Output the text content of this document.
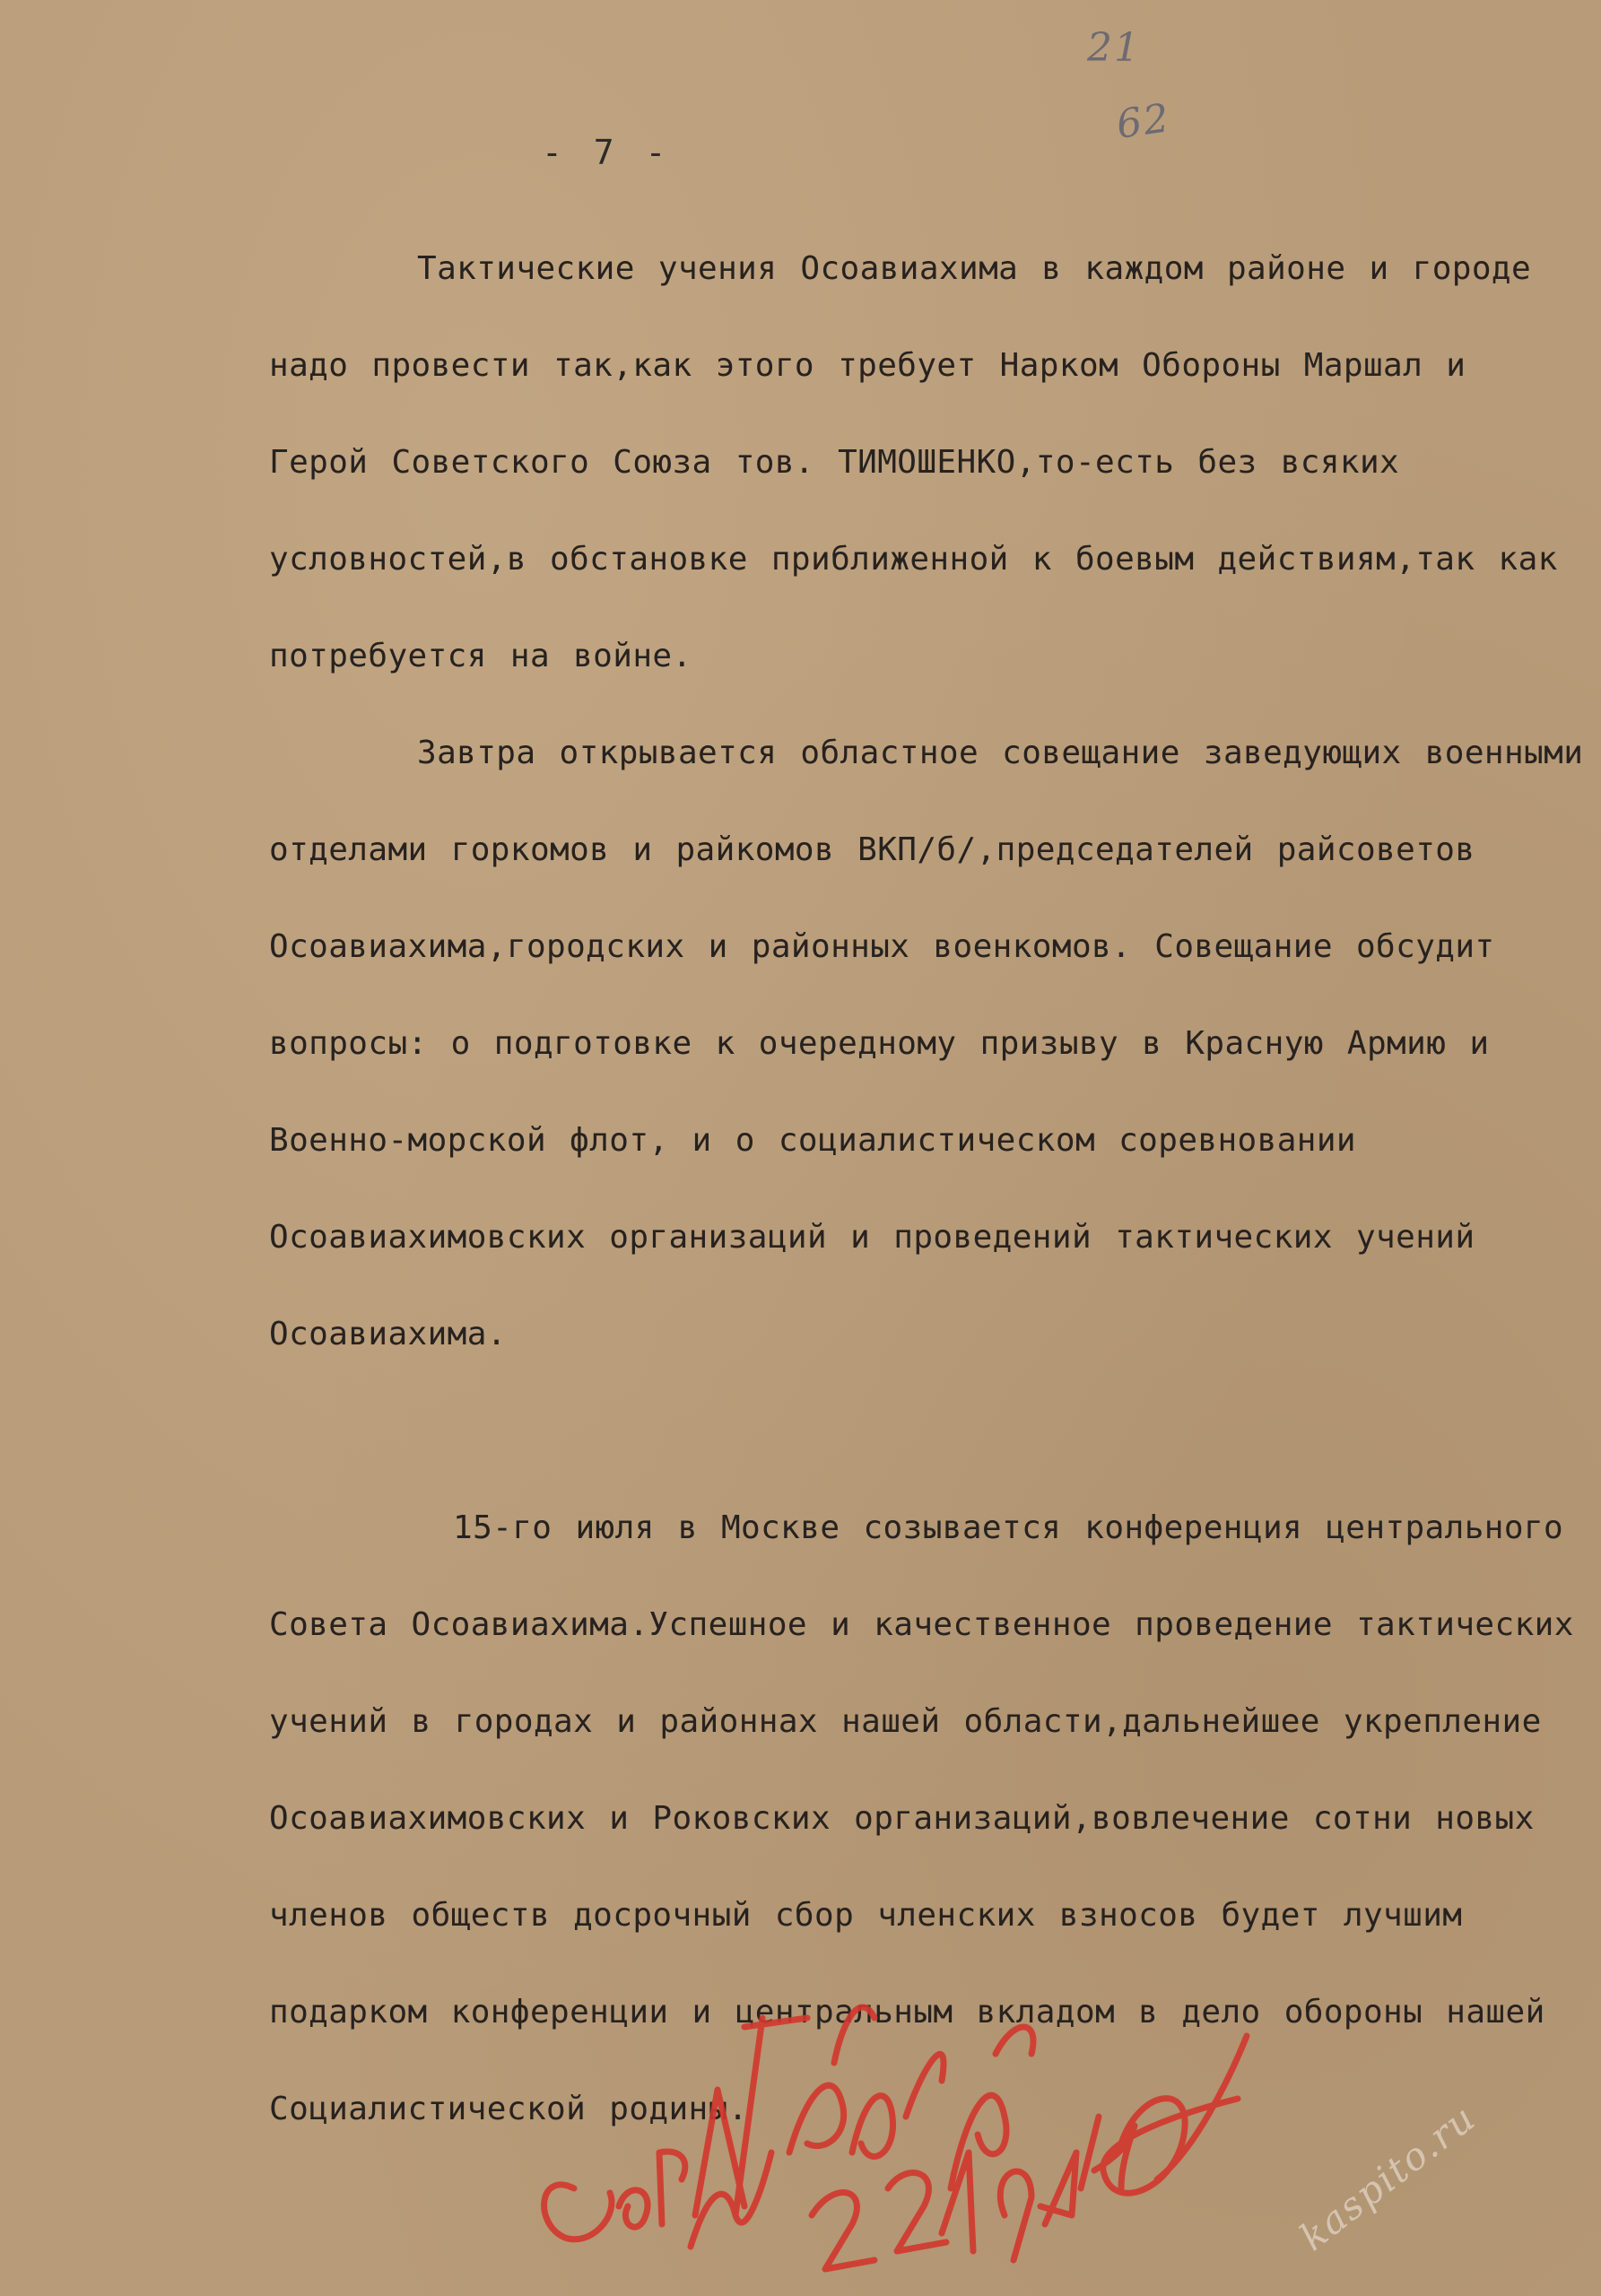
21
62
- 7 -

Тактические учения Осоавиахима в каждом районе и городе надо провести так,как этого требует Нарком Обороны Маршал и Герой Советского Союза тов. ТИМОШЕНКО,то-есть без всяких условностей,в обстановке приближенной к боевым действиям,так как потребуется на войне.

Завтра открывается областное совещание заведующих военными отделами горкомов и райкомов ВКП/б/,председателей райсоветов Осоавиахима,городских и районных военкомов. Совещание обсудит вопросы: о подготовке к очередному призыву в Красную Армию и Военно-морской флот, и о социалистическом соревновании Осоавиахимовских организаций и проведений тактических учений Осоавиахима.

15-го июля в Москве созывается конференция центрального Совета Осоавиахима.Успешное и качественное проведение тактических учений в городах и районнах нашей области,дальнейшее укрепление Осоавиахимовских и Роковских организаций,вовлечение сотни новых членов обществ досрочный сбор членских взносов будет лучшим подарком конференции и центральным вкладом в дело обороны нашей Социалистической родины.	kaspito.ru
